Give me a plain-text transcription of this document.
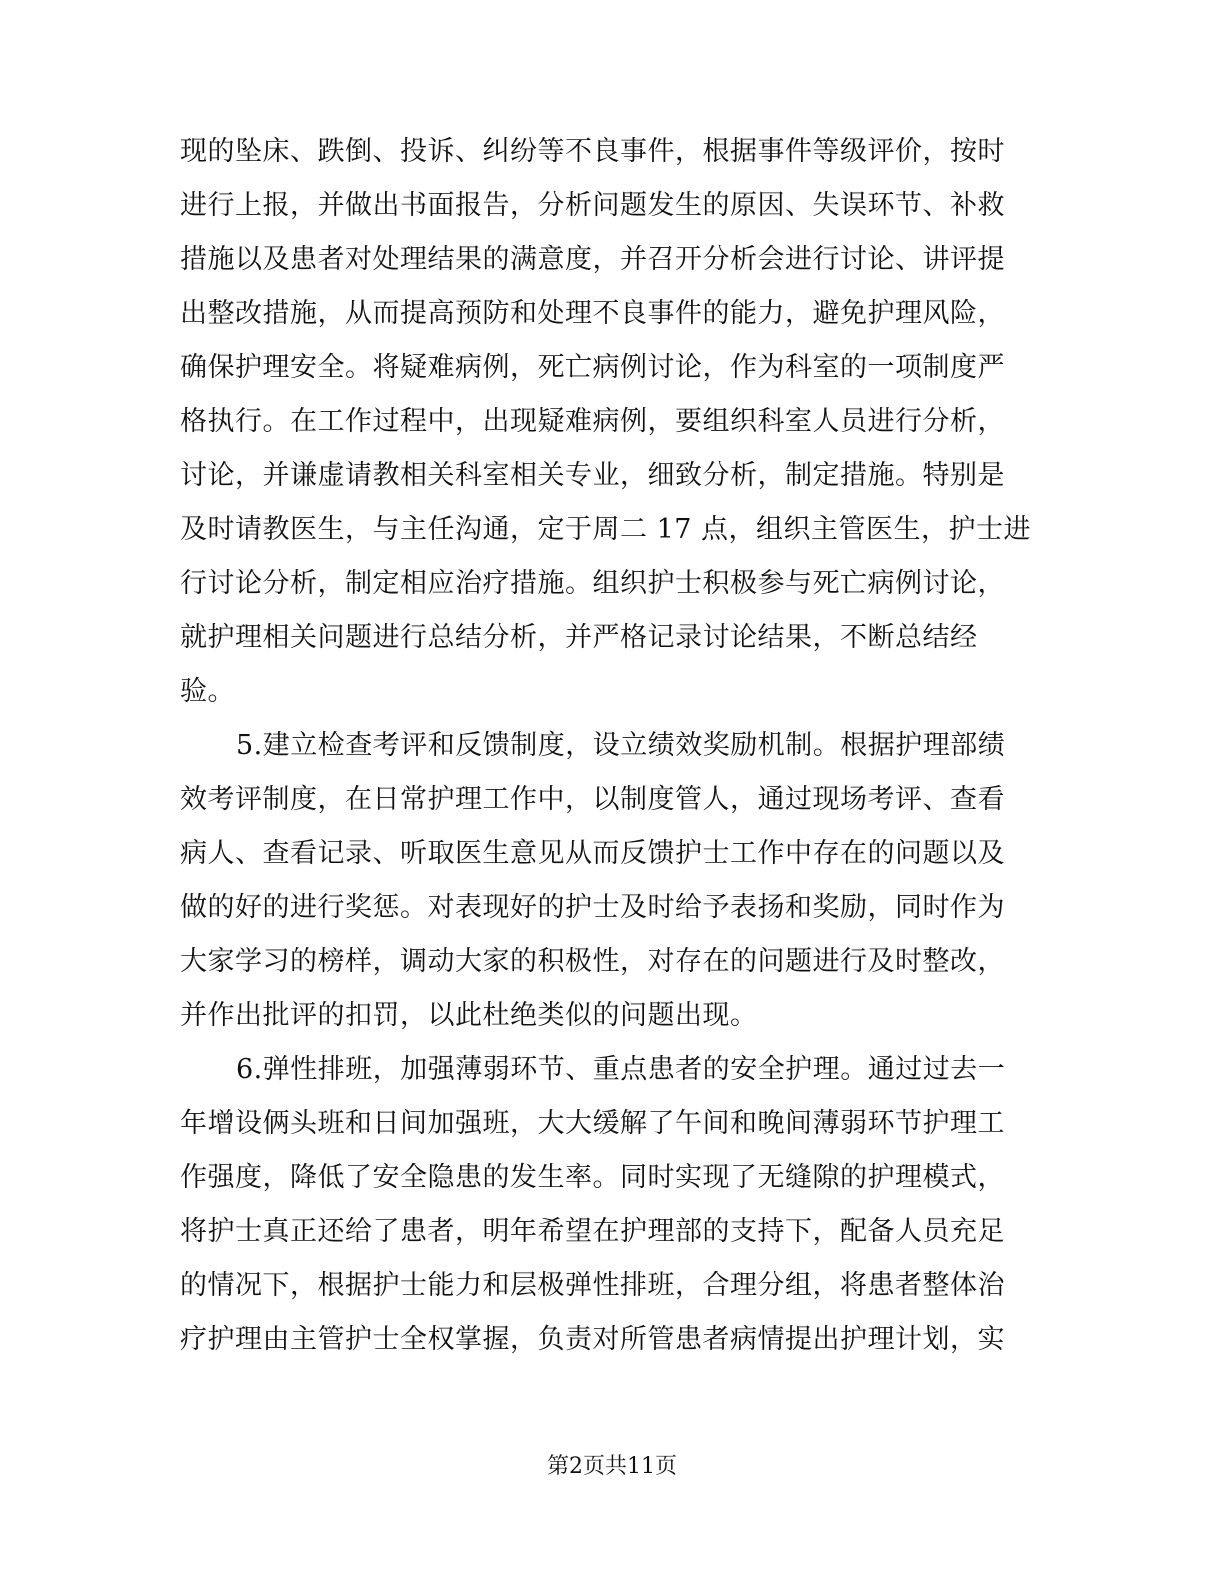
现的坠床、跌倒、投诉、纠纷等不良事件，根据事件等级评价，按时
进行上报，并做出书面报告，分析问题发生的原因、失误环节、补救
措施以及患者对处理结果的满意度，并召开分析会进行讨论、讲评提
出整改措施，从而提高预防和处理不良事件的能力，避免护理风险，
确保护理安全。将疑难病例，死亡病例讨论，作为科室的一项制度严
格执行。在工作过程中，出现疑难病例，要组织科室人员进行分析，
讨论，并谦虚请教相关科室相关专业，细致分析，制定措施。特别是
及时请教医生，与主任沟通，定于周二 17 点，组织主管医生，护士进
行讨论分析，制定相应治疗措施。组织护士积极参与死亡病例讨论，
就护理相关问题进行总结分析，并严格记录讨论结果，不断总结经
验。
5.建立检查考评和反馈制度，设立绩效奖励机制。根据护理部绩
效考评制度，在日常护理工作中，以制度管人，通过现场考评、查看
病人、查看记录、听取医生意见从而反馈护士工作中存在的问题以及
做的好的进行奖惩。对表现好的护士及时给予表扬和奖励，同时作为
大家学习的榜样，调动大家的积极性，对存在的问题进行及时整改，
并作出批评的扣罚，以此杜绝类似的问题出现。
6.弹性排班，加强薄弱环节、重点患者的安全护理。通过过去一
年增设俩头班和日间加强班，大大缓解了午间和晚间薄弱环节护理工
作强度，降低了安全隐患的发生率。同时实现了无缝隙的护理模式，
将护士真正还给了患者，明年希望在护理部的支持下，配备人员充足
的情况下，根据护士能力和层极弹性排班，合理分组，将患者整体治
疗护理由主管护士全权掌握，负责对所管患者病情提出护理计划，实
第2页共11页
